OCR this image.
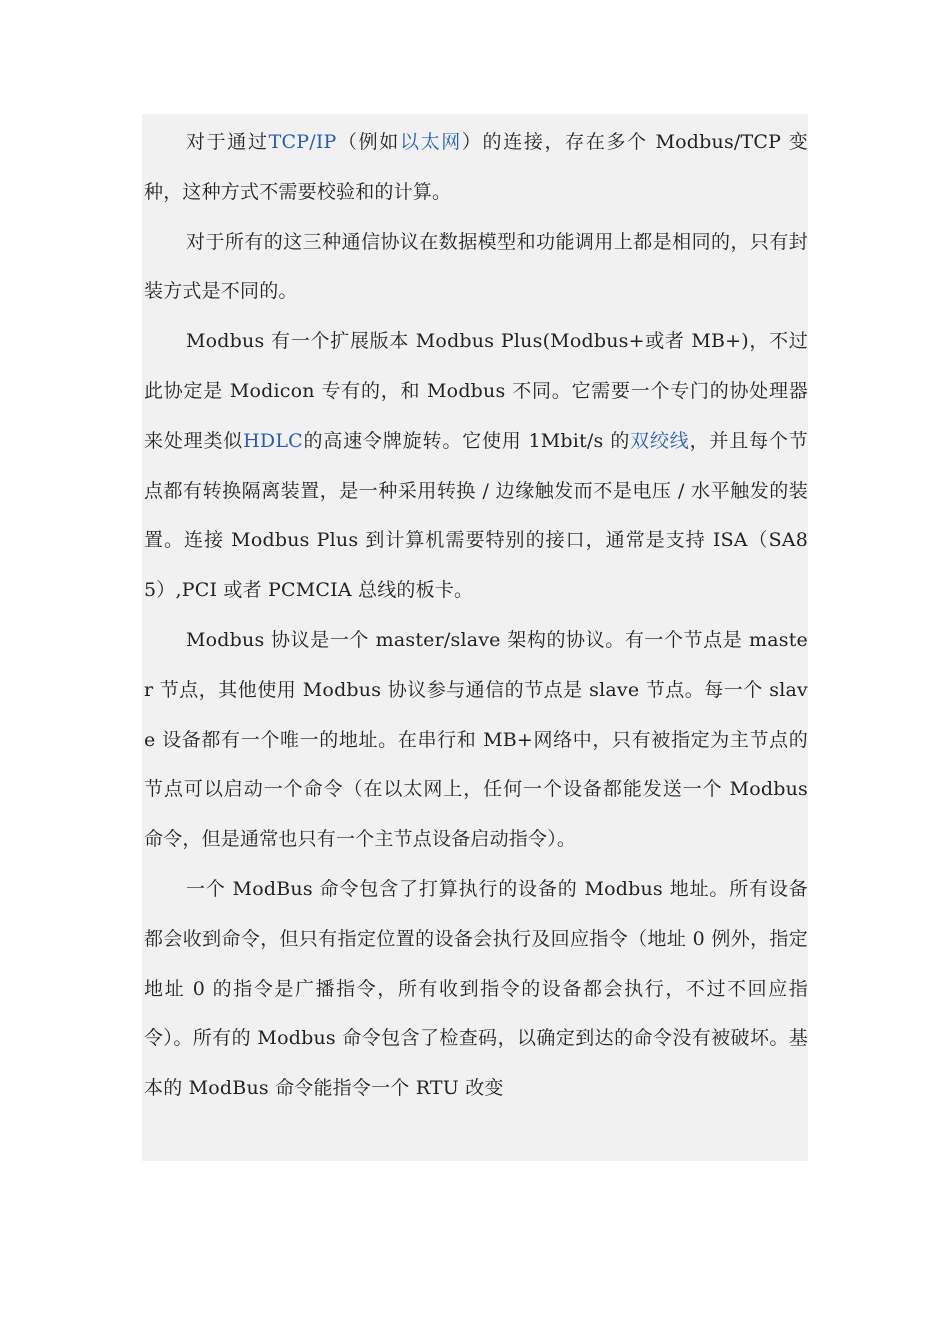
对于通过TCP/IP（例如以太网）的连接，存在多个 Modbus/TCP 变种，这种方式不需要校验和的计算。

对于所有的这三种通信协议在数据模型和功能调用上都是相同的，只有封装方式是不同的。

Modbus 有一个扩展版本 Modbus Plus(Modbus+或者 MB+)，不过此协定是 Modicon 专有的，和 Modbus 不同。它需要一个专门的协处理器来处理类似HDLC的高速令牌旋转。它使用 1Mbit/s 的双绞线，并且每个节点都有转换隔离装置，是一种采用转换 / 边缘触发而不是电压 / 水平触发的装置。连接 Modbus Plus 到计算机需要特别的接口，通常是支持 ISA（SA85）,PCI 或者 PCMCIA 总线的板卡。

Modbus 协议是一个 master/slave 架构的协议。有一个节点是 master 节点，其他使用 Modbus 协议参与通信的节点是 slave 节点。每一个 slave 设备都有一个唯一的地址。在串行和 MB+网络中，只有被指定为主节点的节点可以启动一个命令（在以太网上，任何一个设备都能发送一个 Modbus 命令，但是通常也只有一个主节点设备启动指令）。

一个 ModBus 命令包含了打算执行的设备的 Modbus 地址。所有设备都会收到命令，但只有指定位置的设备会执行及回应指令（地址 0 例外，指定地址 0 的指令是广播指令，所有收到指令的设备都会执行，不过不回应指令）。所有的 Modbus 命令包含了检查码，以确定到达的命令没有被破坏。基本的 ModBus 命令能指令一个 RTU 改变
